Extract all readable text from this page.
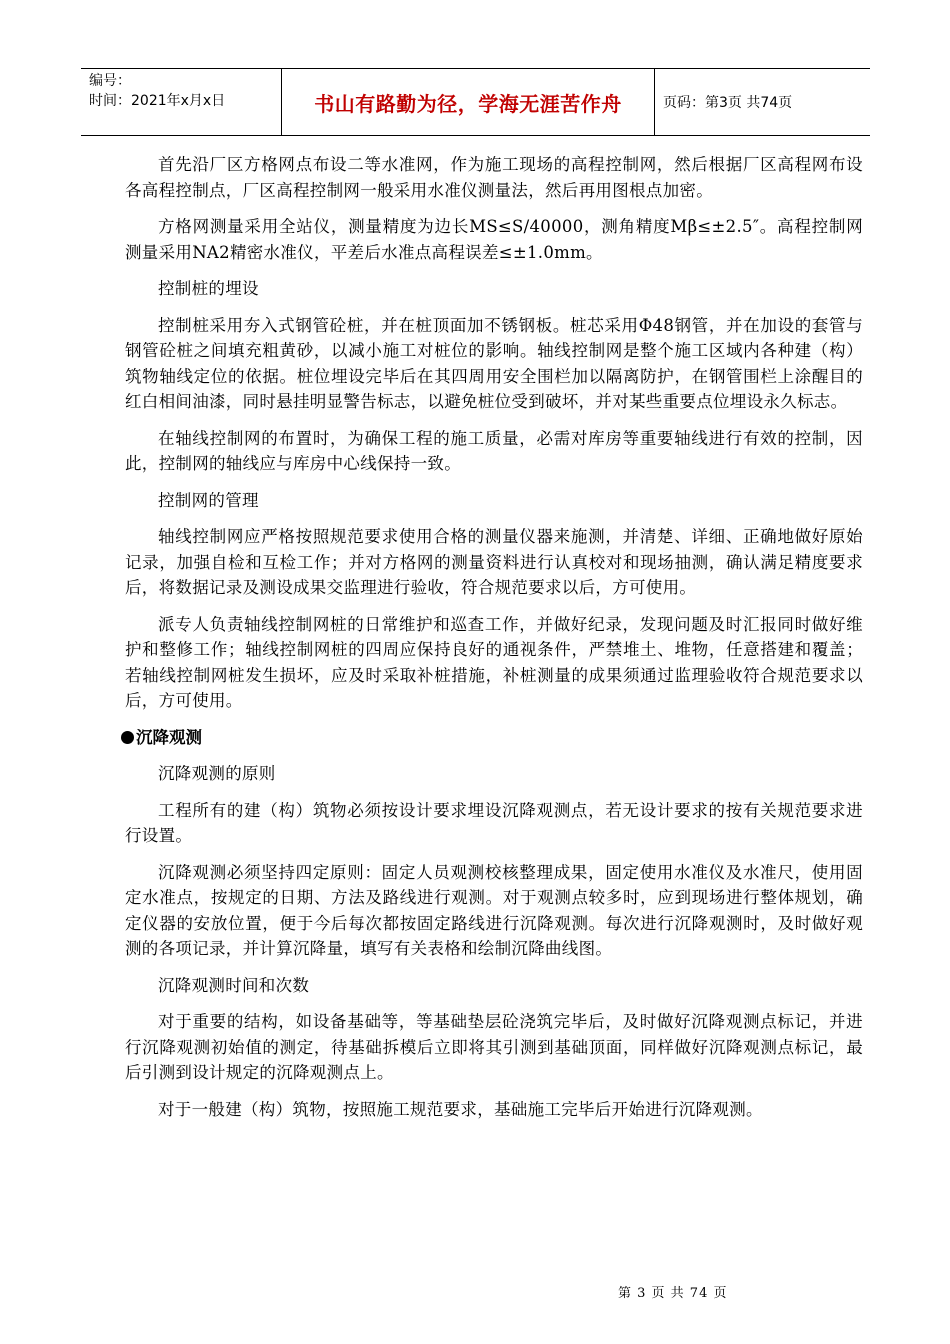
编号：
时间：2021年x月x日	书山有路勤为径，学海无涯苦作舟	页码：第3页 共74页

首先沿厂区方格网点布设二等水准网，作为施工现场的高程控制网，然后根据厂区高程网布设各高程控制点，厂区高程控制网一般采用水准仪测量法，然后再用图根点加密。

方格网测量采用全站仪，测量精度为边长MS≤S/40000，测角精度Mβ≤±2.5″。高程控制网测量采用NA2精密水准仪，平差后水准点高程误差≤±1.0mm。

控制桩的埋设

控制桩采用夯入式钢管砼桩，并在桩顶面加不锈钢板。桩芯采用Φ48钢管，并在加设的套管与钢管砼桩之间填充粗黄砂，以减小施工对桩位的影响。轴线控制网是整个施工区域内各种建（构）筑物轴线定位的依据。桩位埋设完毕后在其四周用安全围栏加以隔离防护，在钢管围栏上涂醒目的红白相间油漆，同时悬挂明显警告标志，以避免桩位受到破坏，并对某些重要点位埋设永久标志。

在轴线控制网的布置时，为确保工程的施工质量，必需对库房等重要轴线进行有效的控制，因此，控制网的轴线应与库房中心线保持一致。

控制网的管理

轴线控制网应严格按照规范要求使用合格的测量仪器来施测，并清楚、详细、正确地做好原始记录，加强自检和互检工作；并对方格网的测量资料进行认真校对和现场抽测，确认满足精度要求后，将数据记录及测设成果交监理进行验收，符合规范要求以后，方可使用。

派专人负责轴线控制网桩的日常维护和巡查工作，并做好纪录，发现问题及时汇报同时做好维护和整修工作；轴线控制网桩的四周应保持良好的通视条件，严禁堆土、堆物，任意搭建和覆盖；若轴线控制网桩发生损坏，应及时采取补桩措施，补桩测量的成果须通过监理验收符合规范要求以后，方可使用。

沉降观测

沉降观测的原则

工程所有的建（构）筑物必须按设计要求埋设沉降观测点，若无设计要求的按有关规范要求进行设置。

沉降观测必须坚持四定原则：固定人员观测校核整理成果，固定使用水准仪及水准尺，使用固定水准点，按规定的日期、方法及路线进行观测。对于观测点较多时，应到现场进行整体规划，确定仪器的安放位置，便于今后每次都按固定路线进行沉降观测。每次进行沉降观测时，及时做好观测的各项记录，并计算沉降量，填写有关表格和绘制沉降曲线图。

沉降观测时间和次数

对于重要的结构，如设备基础等，等基础垫层砼浇筑完毕后，及时做好沉降观测点标记，并进行沉降观测初始值的测定，待基础拆模后立即将其引测到基础顶面，同样做好沉降观测点标记，最后引测到设计规定的沉降观测点上。

对于一般建（构）筑物，按照施工规范要求，基础施工完毕后开始进行沉降观测。

第 3 页 共 74 页
